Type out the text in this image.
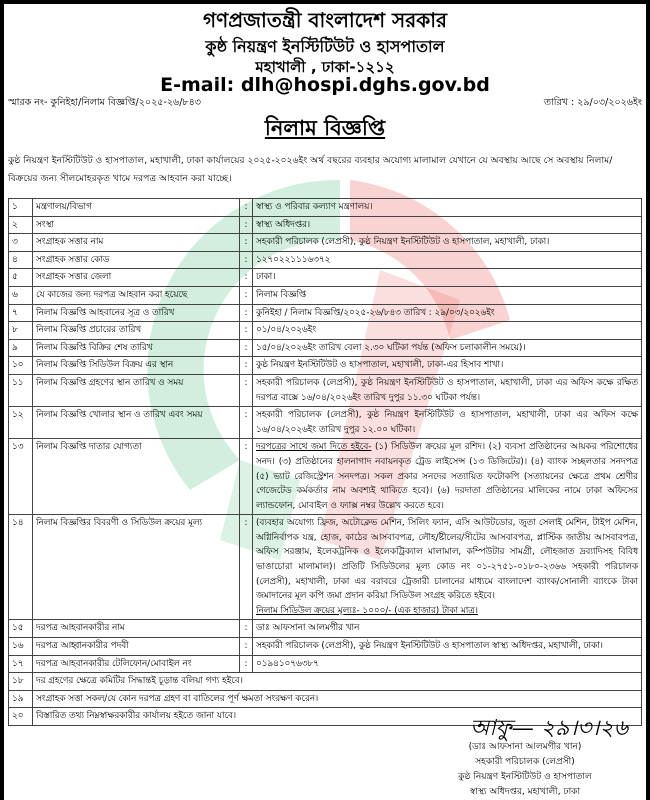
গণপ্রজাতন্ত্রী বাংলাদেশ সরকার
কুষ্ঠ নিয়ন্ত্রণ ইনস্টিটিউট ও হাসপাতাল
মহাখালী , ঢাকা-১২১২
E-mail: dlh@hospi.dghs.gov.bd
স্মারক নং- কুনিইহা/নিলাম বিজ্ঞপ্তি/২০২৫-২৬/৮৪৩	তারিখ : ২৯/০৩/২০২৬ইং
নিলাম বিজ্ঞপ্তি
কুষ্ঠ নিয়ন্ত্রণ ইনস্টিটিউট ও হাসপাতাল, মহাখালী, ঢাকা কার্যালয়ের ২০২৫-২০২৬ইং অর্থ বছরের ব্যবহার অযোগ্য মালামাল যেখানে যে অবস্থায় আছে সে অবস্থায় নিলাম/বিক্রয়ের জন্য সীলমোহরকৃত খামে দরপত্র আহবান করা যাচ্ছে।
১	মন্ত্রণালয়/বিভাগ	:	স্বাস্থ্য ও পরিবার কল্যাণ মন্ত্রণালয়।
২	সংস্থা	:	স্বাস্থ্য অধিদপ্তর।
৩	সংগ্রাহক সত্তার নাম	:	সহকারী পরিচালক (লেপ্রসী), কুষ্ঠ নিয়ন্ত্রণ ইনস্টিটিউট ও হাসপাতাল, মহাখালী, ঢাকা।
৪	সংগ্রাহক সত্তার কোড	:	১২৭০২২১১১৬৩৭২
৫	সংগ্রাহক সত্তার জেলা	:	ঢাকা।
৬	যে কাজের জন্য দরপত্র আহবান করা হয়েছে	:	নিলাম বিজ্ঞপ্তি
৭	নিলাম বিজ্ঞপ্তি আহবানের সূত্র ও তারিখ	:	কুনিইহা / নিলাম বিজ্ঞপ্তি/২০২৫-২৬/৮৪৩ তারিখ : ২৯/০৩/২০২৬ইং
৮	নিলাম বিজ্ঞপ্তি প্রচারের তারিখ	:	০১/০৪/২০২৬ইং
৯	নিলাম বিজ্ঞপ্তি বিক্রির শেষ তারিখ	:	১৫/০৪/২০২৬ইং তারিখ বেলা ২.৩০ ঘটিকা পর্যন্ত (অফিস চলাকালীন সময়ে)।
১০	নিলাম বিজ্ঞপ্তি সিডিউল বিক্রয় এর স্থান	:	কুষ্ঠ নিয়ন্ত্রণ ইনস্টিটিউট ও হাসপাতাল, মহাখালী, ঢাকা-এর হিসাব শাখা।
১১	নিলাম বিজ্ঞপ্তি গ্রহণের স্থান তারিখ ও সময়	:	সহকারী পরিচালক (লেপ্রসী), কুষ্ঠ নিয়ন্ত্রণ ইনস্টিটিউট ও হাসপাতাল, মহাখালী, ঢাকা এর অফিস কক্ষে রক্ষিত দরপত্র বাক্সে ১৬/০৪/২০২৬ইং তারিখ দুপুর ১১.৩০ ঘটিকা পর্যন্ত।
১২	নিলাম বিজ্ঞপ্তি খোলার স্থান ও তারিখ এবং সময়	:	সহকারী পরিচালক (লেপ্রসী), কুষ্ঠ নিয়ন্ত্রণ ইনস্টিটিউট ও হাসপাতাল, মহাখালী, ঢাকা এর অফিস কক্ষে ১৬/০৪/২০২৬ইং তারিখ দুপুর ১২.০০ ঘটিকা।
১৩	নিলাম বিজ্ঞপ্তি দাতার যোগ্যতা	:	দরপত্রের সাথে জমা দিতে হইবে- (১) সিডিউল ক্রয়ের মূল রশিদ। (২) ব্যবসা প্রতিষ্ঠানের আয়কর পরিশোধের সনদ। (৩) প্রতিষ্ঠানের হালনাগাদ নবায়নকৃত ট্রেড লাইসেন্স (১৩ ডিজিটের)। (৪) ব্যাংক সচ্ছলতার সনদপত্র (৫) ভ্যাট রেজিস্ট্রেশন সনদপত্র। সকল প্রকার সনদের সত্যায়িত ফটোকপি (সত্যায়নের ক্ষেত্রে প্রথম শ্রেণীর গেজেটেড কর্মকর্তার নাম অবশ্যই থাকিতে হবে)। (৬) দরদাতা প্রতিষ্ঠানের মালিকের নামে ঢাকা অফিসের ল্যান্ডফোন, মোবাইল ও ফ্যাক্স নম্বর উল্লেখ করতে হবে।
১৪	নিলাম বিজ্ঞপ্তির বিবরণী ও সিডিউল ক্রয়ের মূল্য	:	(ব্যবহার অযোগ্য ফ্রিজ, অটোক্লেভ মেশিন, সিলিং ফ্যান, এসি আউটডোর, জুতা সেলাই মেশিন, টাইপ মেশিন, অগ্নিনির্বাপক যন্ত্র, হোজ, কাঠের আসবাবপত্র, লৌহ/ষ্টীলের/সীটের আসবাবপত্র, প্লাস্টিক জাতীয় আসবাবপত্র, অফিস সরঞ্জাম, ইলেকট্রনিক ও ইলেকট্রিক্যাল মালামাল, কম্পিউটার সামগ্রী, লৌহজাত দ্রব্যাদিসহ বিবিধ ভাঙাচোরা মালামাল)। প্রতিটি সিডিউলের মূল্য কোড নং ০১-২৭৫১-০১৮০-২৩৬৬ সহকারী পরিচালক (লেপ্রসী), মহাখালী, ঢাকা এর বরাবরে ট্রেজারী চালানের মাধ্যমে বাংলাদেশ ব্যাংক/সোনালী ব্যাংকে টাকা জমাদানের মূল কপি জমা প্রদান করিয়া সিডিউল সংগ্রহ করিতে হইবে।
নিলাম সিডিউল ক্রয়ের মূল্যঃ- ১০০০/- (এক হাজার) টাকা মাত্র।
১৫	দরপত্র আহবানকারীর নাম	:	ডাঃ আফসানা আলমগীর খান
১৬	দরপত্র আহ্বানকারীর পদবী	:	সহকারী পরিচালক (লেপ্রসী), কুষ্ঠ নিয়ন্ত্রণ ইনস্টিটিউট ও হাসপাতাল স্বাস্থ্য অধিদপ্তর, মহাখালী, ঢাকা।
১৭	দরপত্র আহবানকারীর টেলিফোন/মোবাইল নং	:	০১৯৪১০৭৬৩৮৭
১৮	দর গ্রহণের ক্ষেত্রে কমিটির সিদ্ধান্তই চূড়ান্ত বলিয়া গণ্য হইবে।		
১৯	সংগ্রাহক সত্তা সকল/যে কোন দরপত্র গ্রহণ বা বাতিলের পূর্ণ ক্ষমতা সংরক্ষণ করেন।		
২০	বিস্তারিত তথ্য নিম্নস্বাক্ষরকারীর কার্যালয় হইতে জানা যাবে।			আফু— ২৯।৩।২৬
(ডাঃ আফসানা আলমগীর খান)
সহকারী পরিচালক (লেপ্রসী)
কুষ্ঠ নিয়ন্ত্রণ ইনস্টিটিউট ও হাসপাতাল
স্বাস্থ্য অধিদপ্তর, মহাখালী, ঢাকা
